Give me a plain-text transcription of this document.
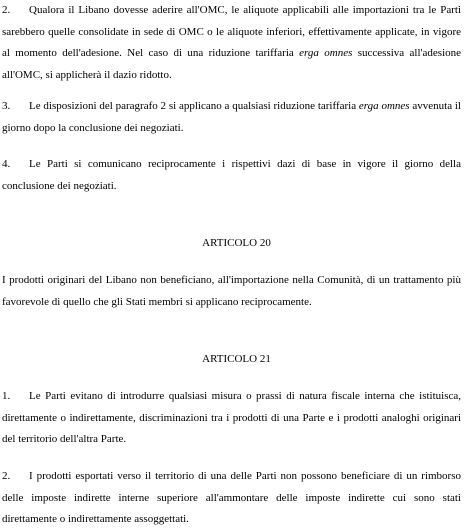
2. Qualora il Libano dovesse aderire all'OMC, le aliquote applicabili alle importazioni tra le Parti sarebbero quelle consolidate in sede di OMC o le aliquote inferiori, effettivamente applicate, in vigore al momento dell'adesione. Nel caso di una riduzione tariffaria erga omnes successiva all'adesione all'OMC, si applicherà il dazio ridotto.

3. Le disposizioni del paragrafo 2 si applicano a qualsiasi riduzione tariffaria erga omnes avvenuta il giorno dopo la conclusione dei negoziati.

4. Le Parti si comunicano reciprocamente i rispettivi dazi di base in vigore il giorno della conclusione dei negoziati.

ARTICOLO 20

I prodotti originari del Libano non beneficiano, all'importazione nella Comunità, di un trattamento più favorevole di quello che gli Stati membri si applicano reciprocamente.

ARTICOLO 21

1. Le Parti evitano di introdurre qualsiasi misura o prassi di natura fiscale interna che istituisca, direttamente o indirettamente, discriminazioni tra i prodotti di una Parte e i prodotti analoghi originari del territorio dell'altra Parte.

2. I prodotti esportati verso il territorio di una delle Parti non possono beneficiare di un rimborso delle imposte indirette interne superiore all'ammontare delle imposte indirette cui sono stati direttamente o indirettamente assoggettati.
